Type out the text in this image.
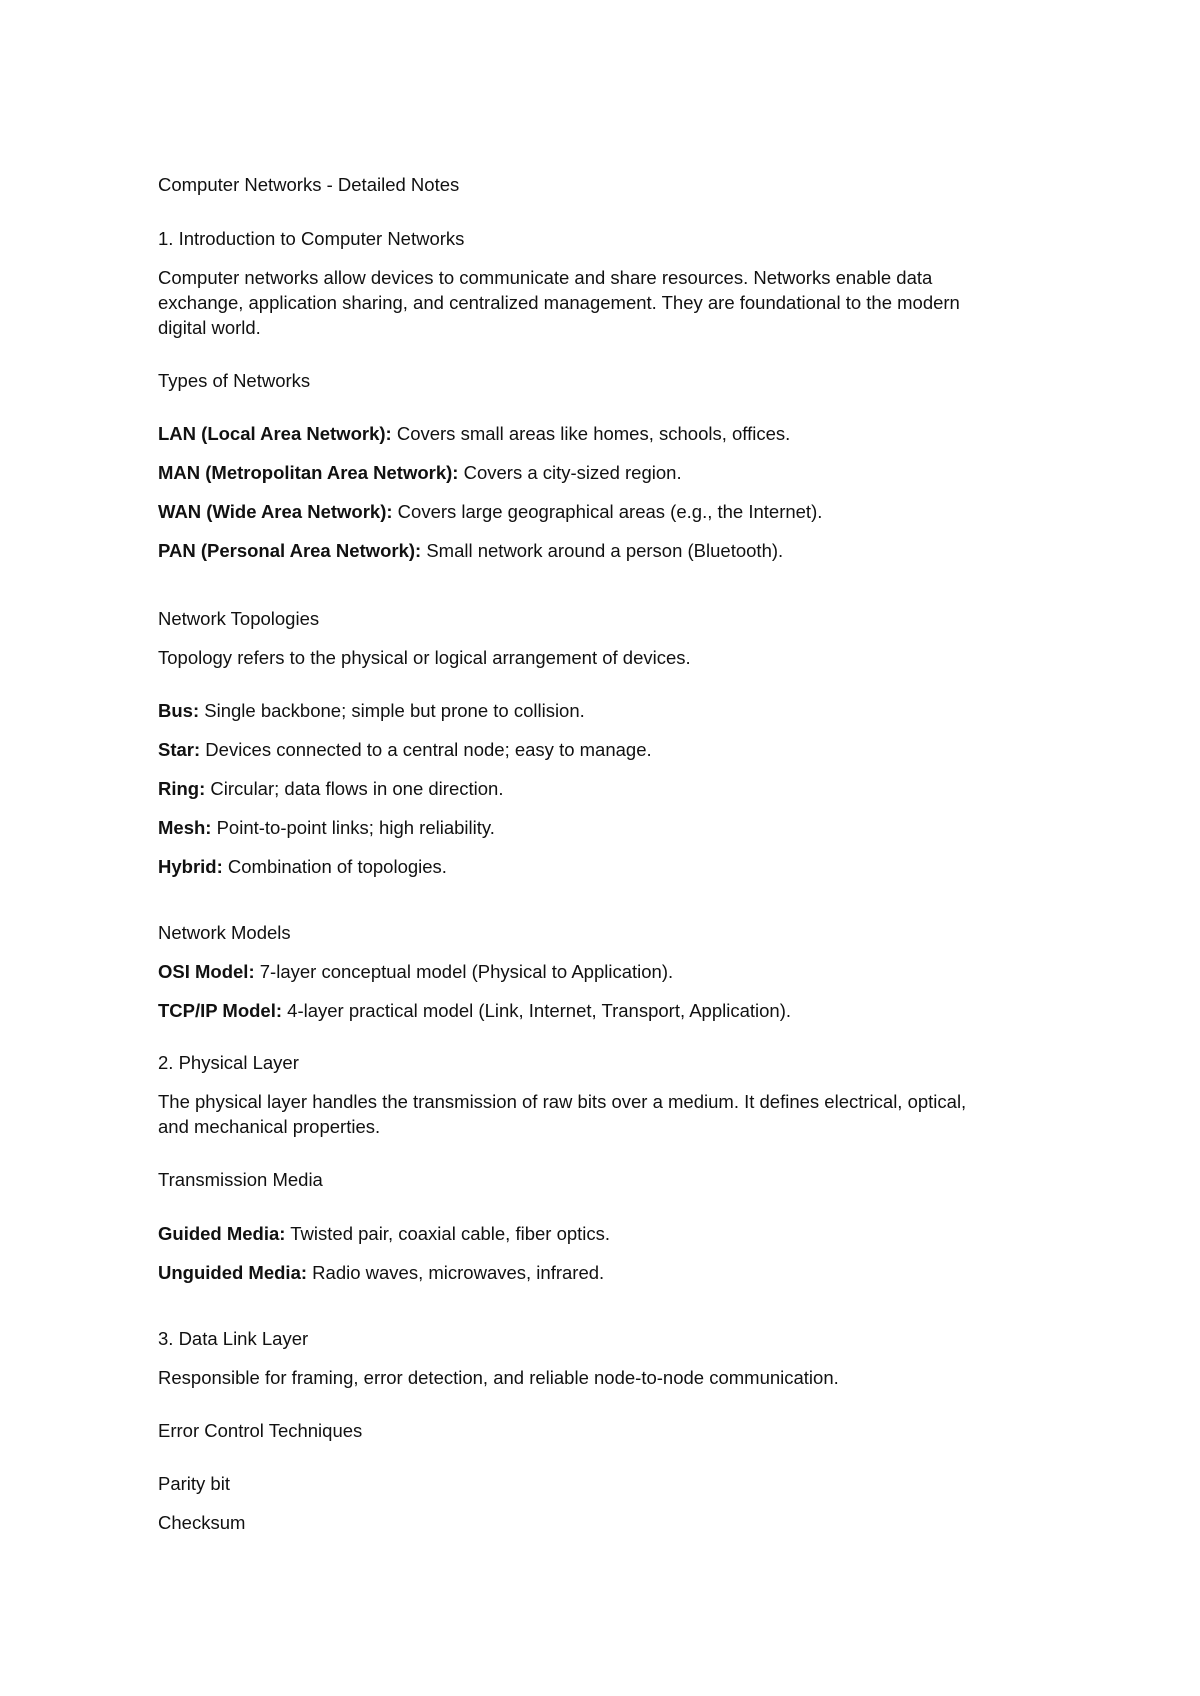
Computer Networks - Detailed Notes

1. Introduction to Computer Networks

Computer networks allow devices to communicate and share resources. Networks enable data
exchange, application sharing, and centralized management. They are foundational to the modern
digital world.

Types of Networks

LAN (Local Area Network): Covers small areas like homes, schools, offices.

MAN (Metropolitan Area Network): Covers a city-sized region.

WAN (Wide Area Network): Covers large geographical areas (e.g., the Internet).

PAN (Personal Area Network): Small network around a person (Bluetooth).

Network Topologies

Topology refers to the physical or logical arrangement of devices.

Bus: Single backbone; simple but prone to collision.

Star: Devices connected to a central node; easy to manage.

Ring: Circular; data flows in one direction.

Mesh: Point-to-point links; high reliability.

Hybrid: Combination of topologies.

Network Models

OSI Model: 7-layer conceptual model (Physical to Application).

TCP/IP Model: 4-layer practical model (Link, Internet, Transport, Application).

2. Physical Layer

The physical layer handles the transmission of raw bits over a medium. It defines electrical, optical,
and mechanical properties.

Transmission Media

Guided Media: Twisted pair, coaxial cable, fiber optics.

Unguided Media: Radio waves, microwaves, infrared.

3. Data Link Layer

Responsible for framing, error detection, and reliable node-to-node communication.

Error Control Techniques

Parity bit

Checksum
